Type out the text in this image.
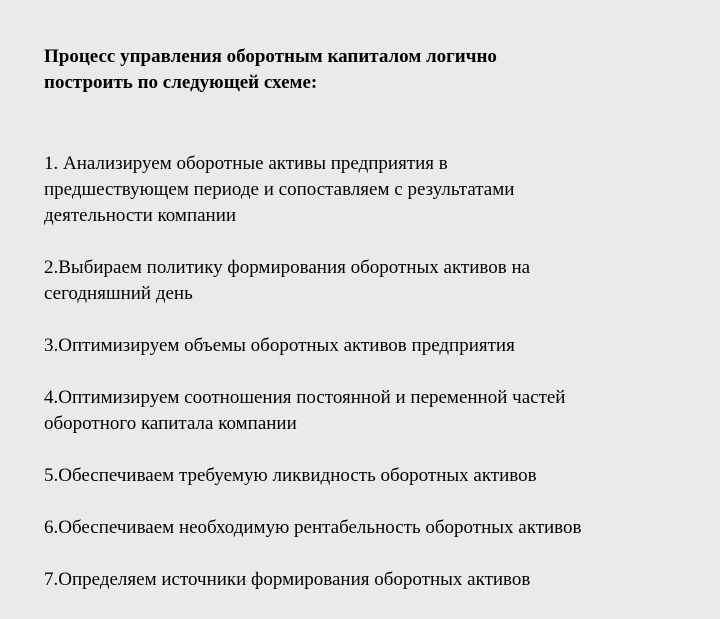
Процесс управления оборотным капиталом логично
построить по следующей схеме:

1. Анализируем оборотные активы предприятия в
предшествующем периоде и сопоставляем с результатами
деятельности компании

2.Выбираем политику формирования оборотных активов на
сегодняшний день

3.Оптимизируем объемы оборотных активов предприятия

4.Оптимизируем соотношения постоянной и переменной частей
оборотного капитала компании

5.Обеспечиваем требуемую ликвидность оборотных активов

6.Обеспечиваем необходимую рентабельность оборотных активов

7.Определяем источники формирования оборотных активов
